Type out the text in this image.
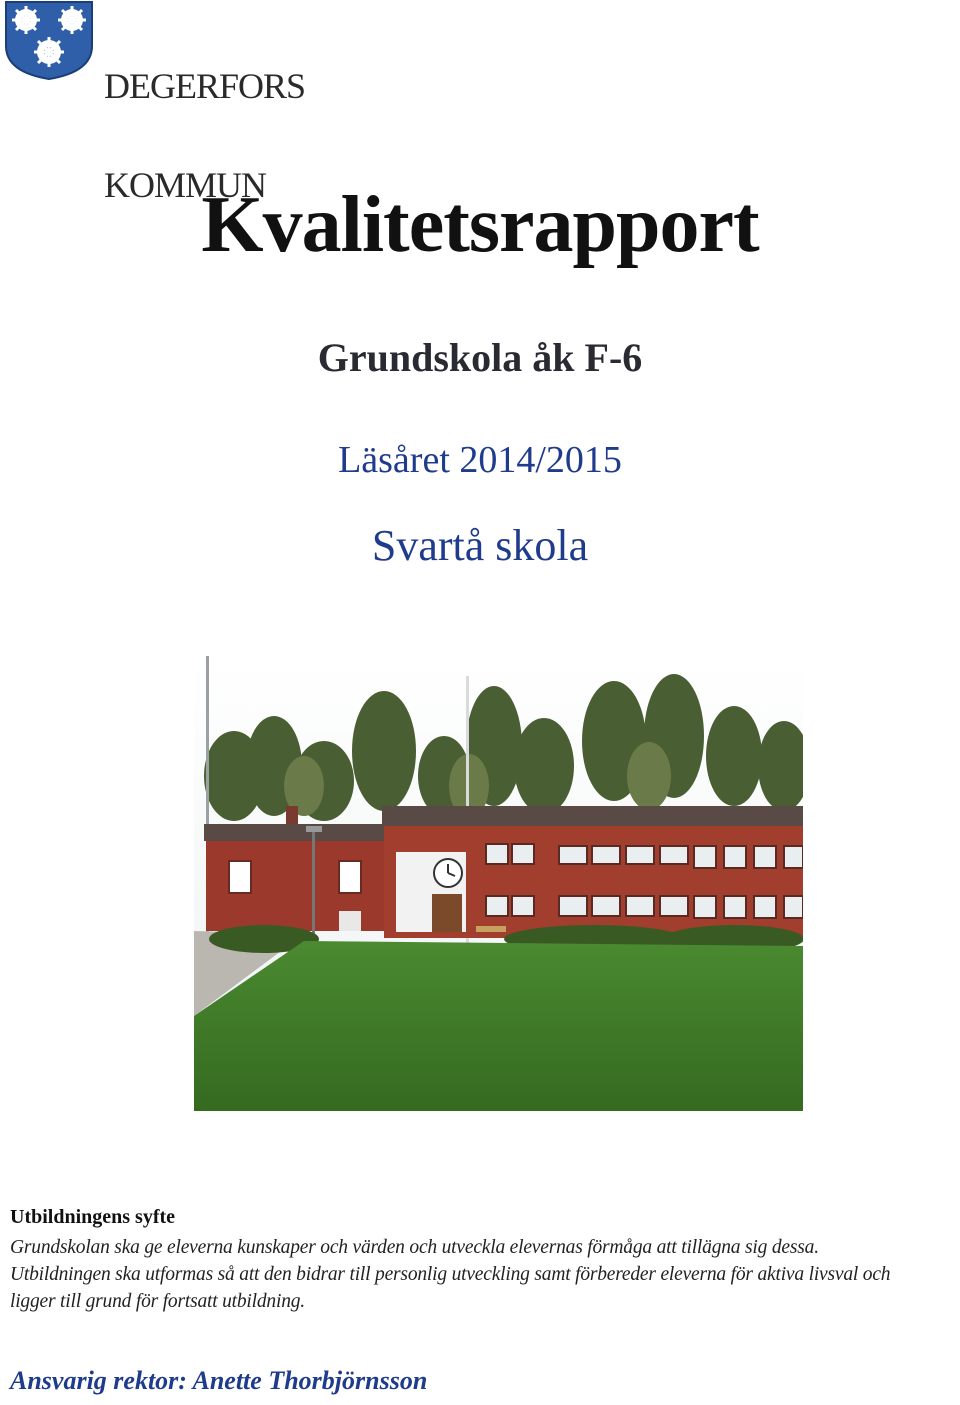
DEGERFORS

KOMMUN

Kvalitetsrapport
Grundskola åk F-6

Läsåret 2014/2015

Svartå skola

Utbildningens syfte

Grundskolan ska ge eleverna kunskaper och värden och utveckla elevernas förmåga att tillägna sig dessa.
Utbildningen ska utformas så att den bidrar till personlig utveckling samt förbereder eleverna för aktiva livsval och
ligger till grund för fortsatt utbildning.

Ansvarig rektor: Anette Thorbjörnsson
